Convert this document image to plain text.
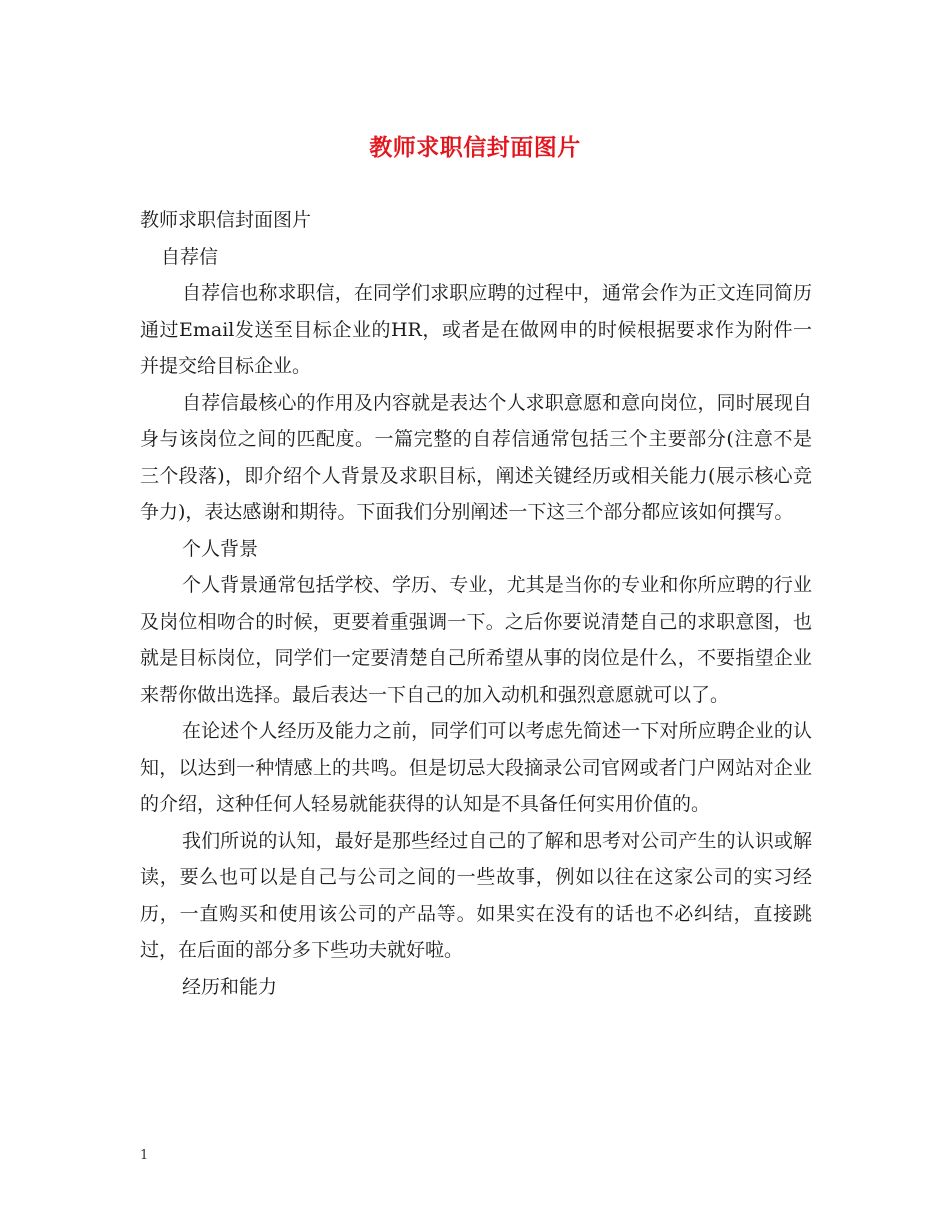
教师求职信封面图片

教师求职信封面图片

自荐信

自荐信也称求职信，在同学们求职应聘的过程中，通常会作为正文连同简历通过Email发送至目标企业的HR，或者是在做网申的时候根据要求作为附件一并提交给目标企业。

自荐信最核心的作用及内容就是表达个人求职意愿和意向岗位，同时展现自身与该岗位之间的匹配度。一篇完整的自荐信通常包括三个主要部分(注意不是三个段落)，即介绍个人背景及求职目标，阐述关键经历或相关能力(展示核心竞争力)，表达感谢和期待。下面我们分别阐述一下这三个部分都应该如何撰写。

个人背景

个人背景通常包括学校、学历、专业，尤其是当你的专业和你所应聘的行业及岗位相吻合的时候，更要着重强调一下。之后你要说清楚自己的求职意图，也就是目标岗位，同学们一定要清楚自己所希望从事的岗位是什么，不要指望企业来帮你做出选择。最后表达一下自己的加入动机和强烈意愿就可以了。

在论述个人经历及能力之前，同学们可以考虑先简述一下对所应聘企业的认知，以达到一种情感上的共鸣。但是切忌大段摘录公司官网或者门户网站对企业的介绍，这种任何人轻易就能获得的认知是不具备任何实用价值的。

我们所说的认知，最好是那些经过自己的了解和思考对公司产生的认识或解读，要么也可以是自己与公司之间的一些故事，例如以往在这家公司的实习经历，一直购买和使用该公司的产品等。如果实在没有的话也不必纠结，直接跳过，在后面的部分多下些功夫就好啦。

经历和能力

1
